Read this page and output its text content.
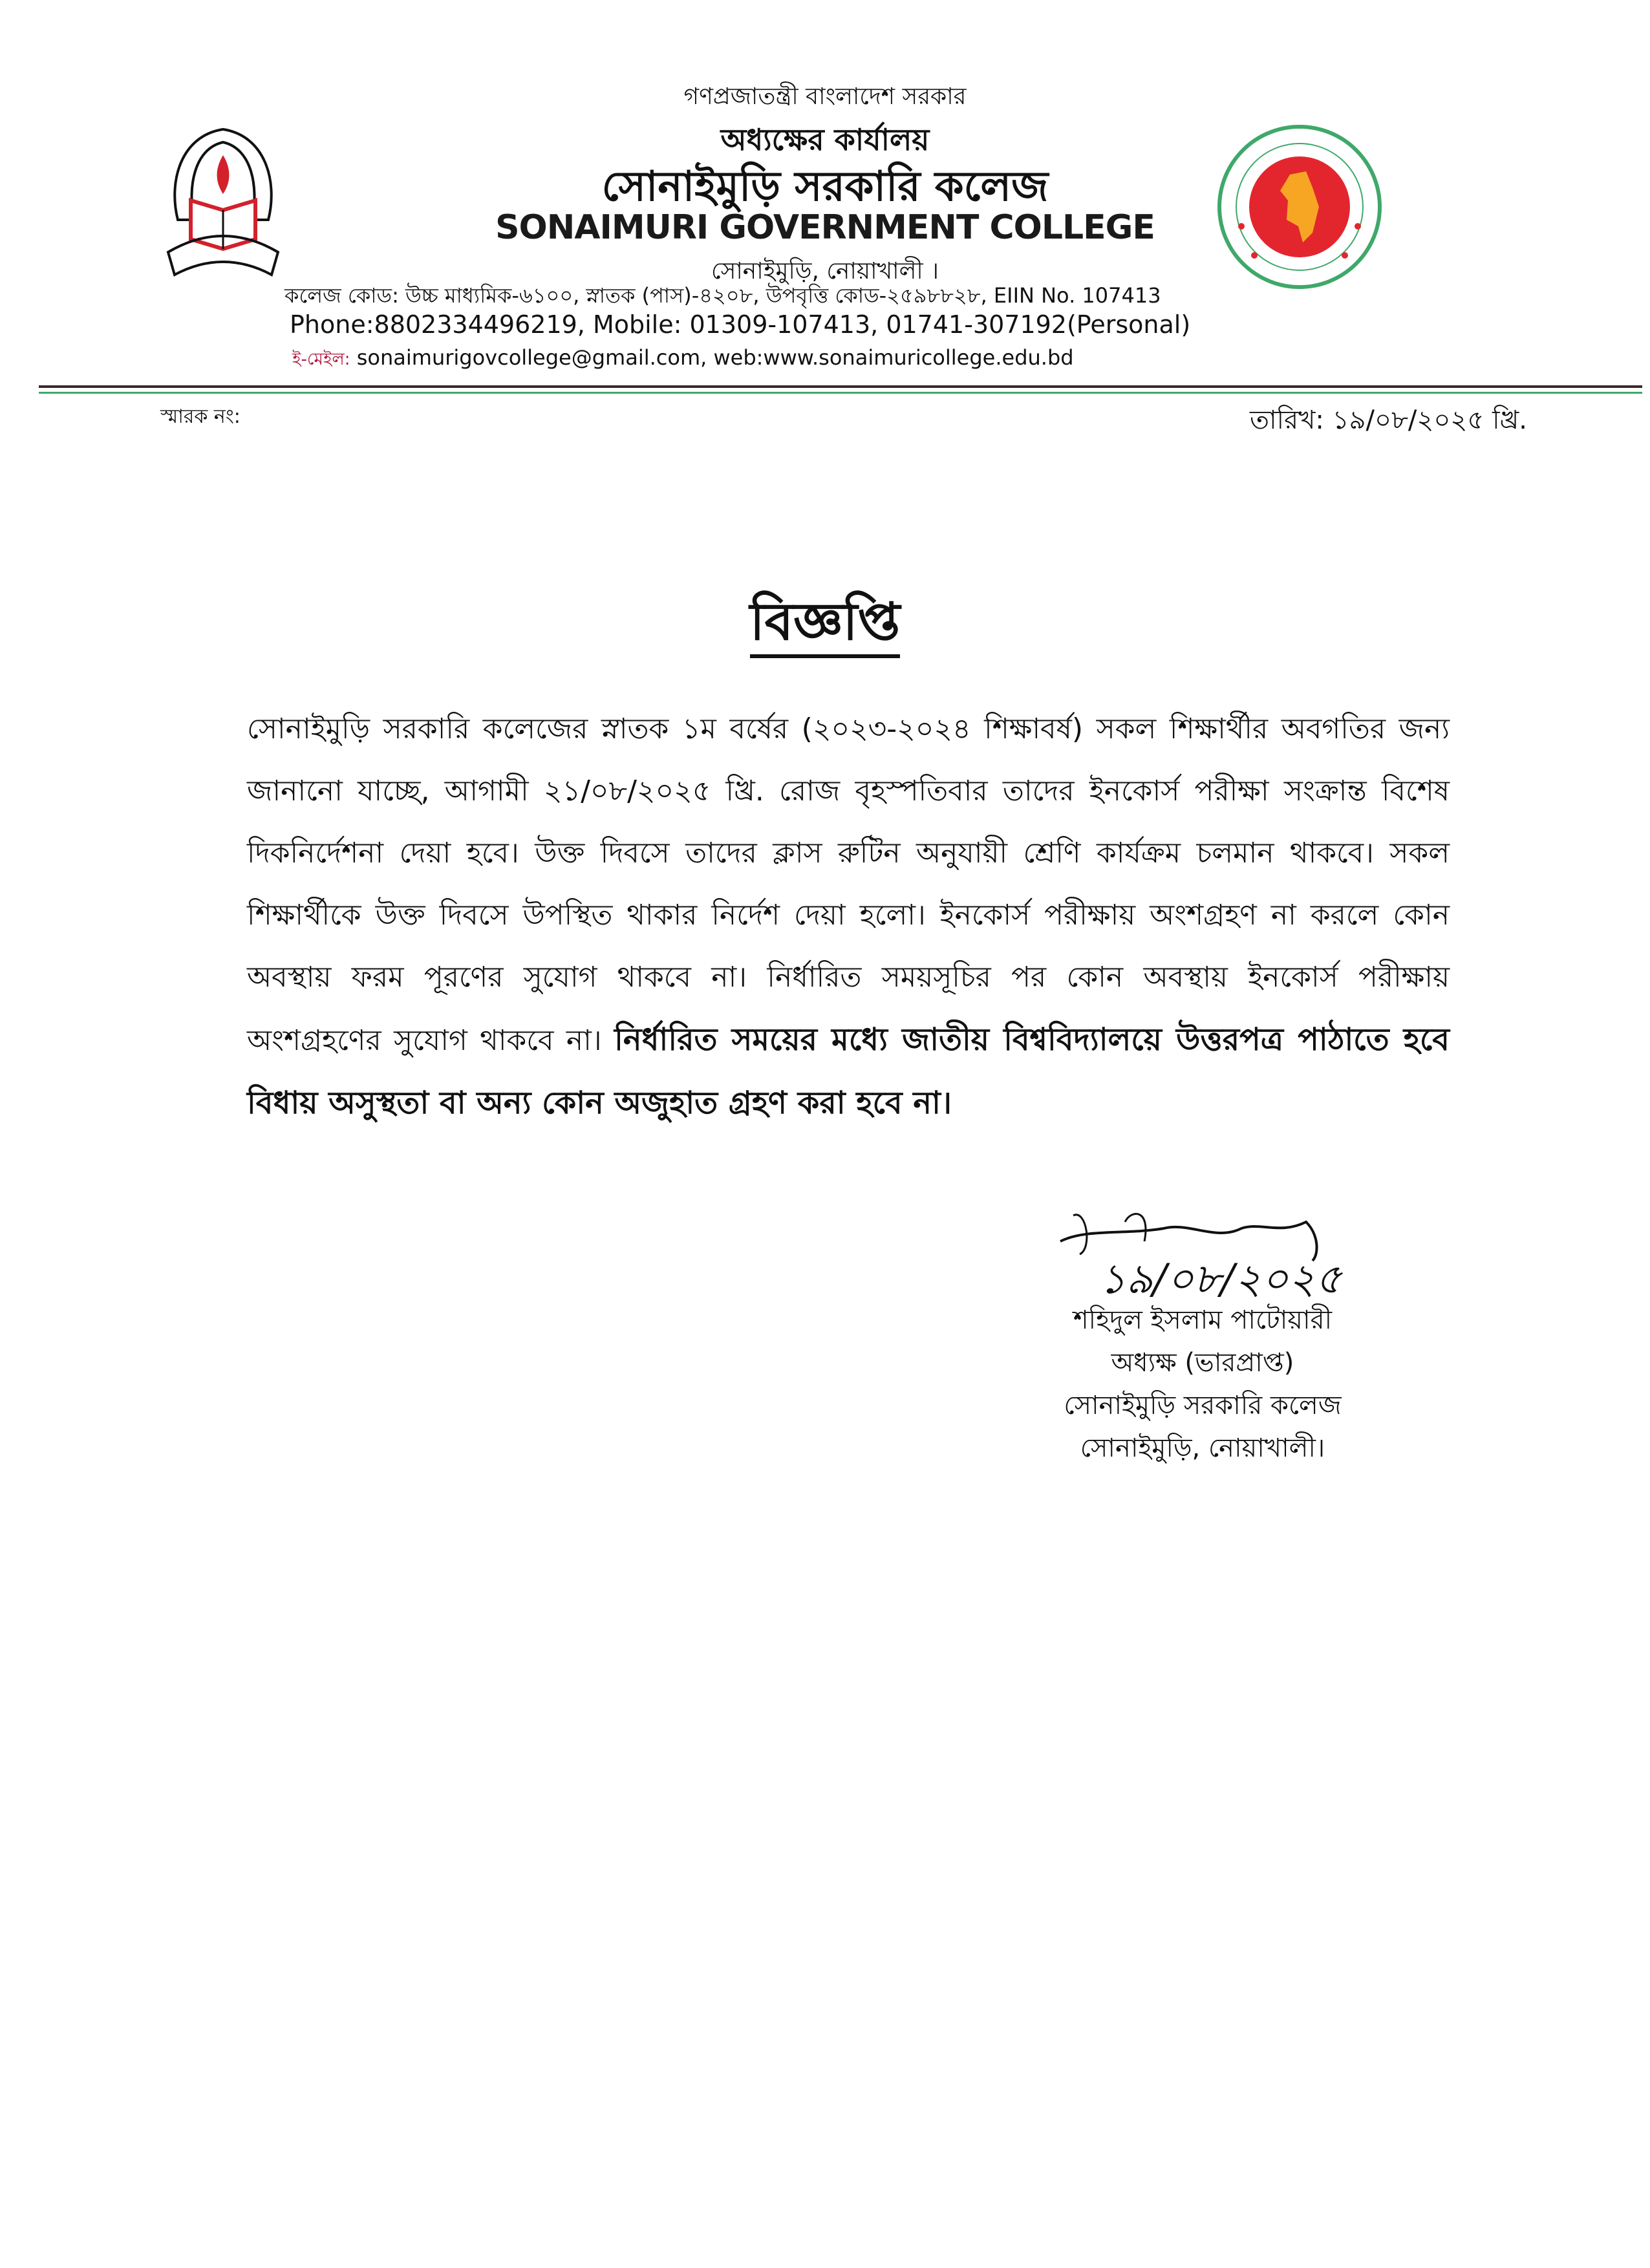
গণপ্রজাতন্ত্রী বাংলাদেশ সরকার
অধ্যক্ষের কার্যালয়
সোনাইমুড়ি সরকারি কলেজ
SONAIMURI GOVERNMENT COLLEGE
সোনাইমুড়ি, নোয়াখালী ।
কলেজ কোড: উচ্চ মাধ্যমিক-৬১০০, স্নাতক (পাস)-৪২০৮, উপবৃত্তি কোড-২৫৯৮৮২৮, EIIN No. 107413
Phone:8802334496219, Mobile: 01309-107413, 01741-307192(Personal)
ই-মেইল: sonaimurigovcollege@gmail.com, web:www.sonaimuricollege.edu.bd
স্মারক নং:	তারিখ: ১৯/০৮/২০২৫ খ্রি.
বিজ্ঞপ্তি
সোনাইমুড়ি সরকারি কলেজের স্নাতক ১ম বর্ষের (২০২৩-২০২৪ শিক্ষাবর্ষ) সকল শিক্ষার্থীর অবগতির জন্য জানানো যাচ্ছে, আগামী ২১/০৮/২০২৫ খ্রি. রোজ বৃহস্পতিবার তাদের ইনকোর্স পরীক্ষা সংক্রান্ত বিশেষ দিকনির্দেশনা দেয়া হবে। উক্ত দিবসে তাদের ক্লাস রুটিন অনুযায়ী শ্রেণি কার্যক্রম চলমান থাকবে। সকল শিক্ষার্থীকে উক্ত দিবসে উপস্থিত থাকার নির্দেশ দেয়া হলো। ইনকোর্স পরীক্ষায় অংশগ্রহণ না করলে কোন অবস্থায় ফরম পূরণের সুযোগ থাকবে না। নির্ধারিত সময়সূচির পর কোন অবস্থায় ইনকোর্স পরীক্ষায় অংশগ্রহণের সুযোগ থাকবে না। নির্ধারিত সময়ের মধ্যে জাতীয় বিশ্ববিদ্যালয়ে উত্তরপত্র পাঠাতে হবে বিধায় অসুস্থতা বা অন্য কোন অজুহাত গ্রহণ করা হবে না।
১৯/০৮/২০২৫
শহিদুল ইসলাম পাটোয়ারী
অধ্যক্ষ (ভারপ্রাপ্ত)
সোনাইমুড়ি সরকারি কলেজ
সোনাইমুড়ি, নোয়াখালী।
